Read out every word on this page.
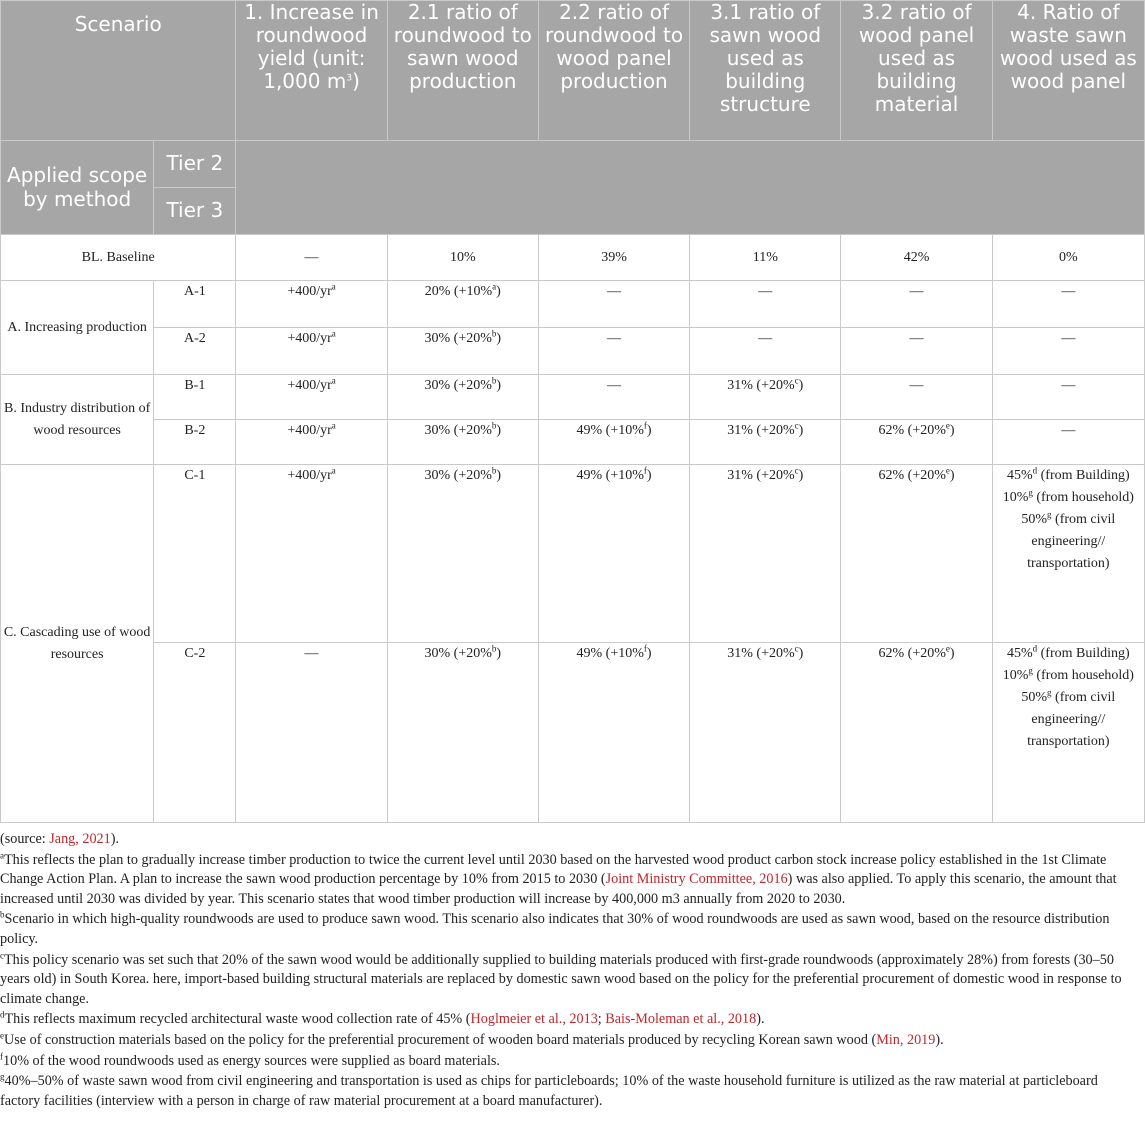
Scenario		1. Increase in roundwood yield (unit: 1,000 $m^3$)	2.1 ratio of roundwood to sawn wood production	2.2 ratio of roundwood to wood panel production	3.1 ratio of sawn wood used as building structure	3.2 ratio of wood panel used as building material	4. Ratio of waste sawn wood used as wood panel
Applied scope by method	Tier 2						
	Tier 3						
BL. Baseline		—	10%	39%	11%	42%	0%
A. Increasing production	A-1	$+400/yr^a$	20% (+10%$^a$)	—	—	—	—
	A-2	$+400/yr^a$	30% (+20%$^b$)	—	—	—	—
B. Industry distribution of wood resources	B-1	$+400/yr^a$	30% (+20%$^b$)	—	31% (+20%$^c$)	—	—
	B-2	$+400/yr^a$	30% (+20%$^b$)	49% (+10%$^f$)	31% (+20%$^c$)	62% (+20%$^e$)	—
C. Cascading use of wood resources	C-1	$+400/yr^a$	30% (+20%$^b$)	49% (+10%$^f$)	31% (+20%$^c$)	62% (+20%$^e$)	45%$^d$ (from Building)
10%$^g$ (from household)
50%$^g$ (from civil engineering// transportation)
	C-2	—	30% (+20%$^b$)	49% (+10%$^f$)	31% (+20%$^c$)	62% (+20%$^e$)	45%$^d$ (from Building)
10%$^g$ (from household)
50%$^g$ (from civil engineering// transportation)

(source: Jang, 2021).

$^a$This reflects the plan to gradually increase timber production to twice the current level until 2030 based on the harvested wood product carbon stock increase policy established in the 1st Climate Change Action Plan. A plan to increase the sawn wood production percentage by 10% from 2015 to 2030 (Joint Ministry Committee, 2016) was also applied. To apply this scenario, the amount that increased until 2030 was divided by year. This scenario states that wood timber production will increase by 400,000 m3 annually from 2020 to 2030.

$^b$Scenario in which high-quality roundwoods are used to produce sawn wood. This scenario also indicates that 30% of wood roundwoods are used as sawn wood, based on the resource distribution policy.

$^c$This policy scenario was set such that 20% of the sawn wood would be additionally supplied to building materials produced with first-grade roundwoods (approximately 28%) from forests (30–50 years old) in South Korea. here, import-based building structural materials are replaced by domestic sawn wood based on the policy for the preferential procurement of domestic wood in response to climate change.

$^d$This reflects maximum recycled architectural waste wood collection rate of 45% (Hoglmeier et al., 2013; Bais-Moleman et al., 2018).

$^e$Use of construction materials based on the policy for the preferential procurement of wooden board materials produced by recycling Korean sawn wood (Min, 2019).

$^f$10% of the wood roundwoods used as energy sources were supplied as board materials.

$^g$40%–50% of waste sawn wood from civil engineering and transportation is used as chips for particleboards; 10% of the waste household furniture is utilized as the raw material at particleboard factory facilities (interview with a person in charge of raw material procurement at a board manufacturer).
